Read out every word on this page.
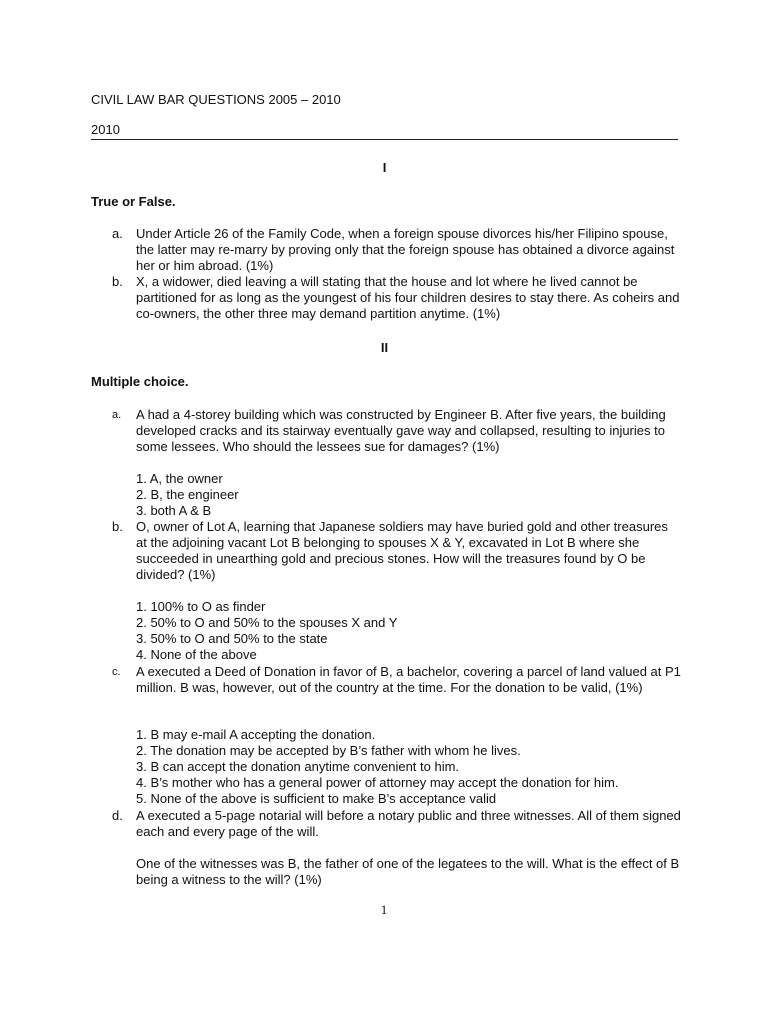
CIVIL LAW BAR QUESTIONS 2005 – 2010
2010
I
True or False.
a.	Under Article 26 of the Family Code, when a foreign spouse divorces his/her Filipino spouse, the latter may re-marry by proving only that the foreign spouse has obtained a divorce against her or him abroad. (1%)
b.	X, a widower, died leaving a will stating that the house and lot where he lived cannot be partitioned for as long as the youngest of his four children desires to stay there. As coheirs and co-owners, the other three may demand partition anytime. (1%)
II
Multiple choice.
a.	A had a 4-storey building which was constructed by Engineer B. After five years, the building developed cracks and its stairway eventually gave way and collapsed, resulting to injuries to some lessees. Who should the lessees sue for damages? (1%)
1. A, the owner
2. B, the engineer
3. both A & B
b.	O, owner of Lot A, learning that Japanese soldiers may have buried gold and other treasures at the adjoining vacant Lot B belonging to spouses X & Y, excavated in Lot B where she succeeded in unearthing gold and precious stones. How will the treasures found by O be divided? (1%)
1. 100% to O as finder
2. 50% to O and 50% to the spouses X and Y
3. 50% to O and 50% to the state
4. None of the above
c.	A executed a Deed of Donation in favor of B, a bachelor, covering a parcel of land valued at P1 million. B was, however, out of the country at the time. For the donation to be valid, (1%)
1. B may e-mail A accepting the donation.
2. The donation may be accepted by B’s father with whom he lives.
3. B can accept the donation anytime convenient to him.
4. B’s mother who has a general power of attorney may accept the donation for him.
5. None of the above is sufficient to make B’s acceptance valid
d.	A executed a 5-page notarial will before a notary public and three witnesses. All of them signed each and every page of the will.
One of the witnesses was B, the father of one of the legatees to the will. What is the effect of B being a witness to the will? (1%)
1
